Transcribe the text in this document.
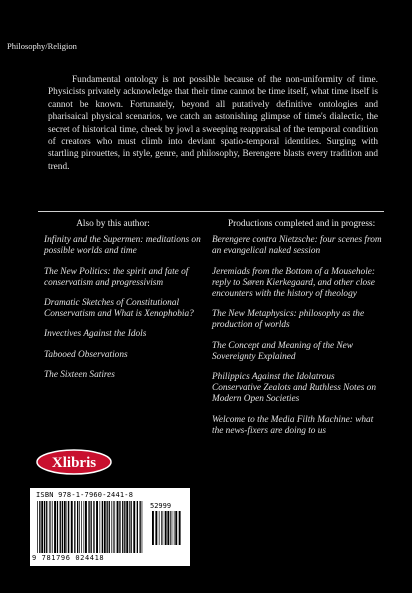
Philosophy/Religion

Fundamental ontology is not possible because of the non-uniformity of time. Physicists privately acknowledge that their time cannot be time itself, what time itself is cannot be known. Fortunately, beyond all putatively definitive ontologies and pharisaical physical scenarios, we catch an astonishing glimpse of time's dialectic, the secret of historical time, cheek by jowl a sweeping reappraisal of the temporal condition of creators who must climb into deviant spatio-temporal identities. Surging with startling pirouettes, in style, genre, and philosophy, Berengere blasts every tradition and trend.

Also by this author:
Infinity and the Supermen: meditations on possible worlds and time
The New Politics: the spirit and fate of conservatism and progressivism
Dramatic Sketches of Constitutional Conservatism and What is Xenophobia?
Invectives Against the Idols
Tabooed Observations
The Sixteen Satires
Productions completed and in progress:
Berengere contra Nietzsche: four scenes from an evangelical naked session
Jeremiads from the Bottom of a Mousehole: reply to Søren Kierkegaard, and other close encounters with the history of theology
The New Metaphysics: philosophy as the production of worlds
The Concept and Meaning of the New Sovereignty Explained
Philippics Against the Idolatrous Conservative Zealots and Ruthless Notes on Modern Open Societies
Welcome to the Media Filth Machine: what the news-fixers are doing to us
Xlibris
ISBN 978-1-7960-2441-8
52999
9 781796 024418
